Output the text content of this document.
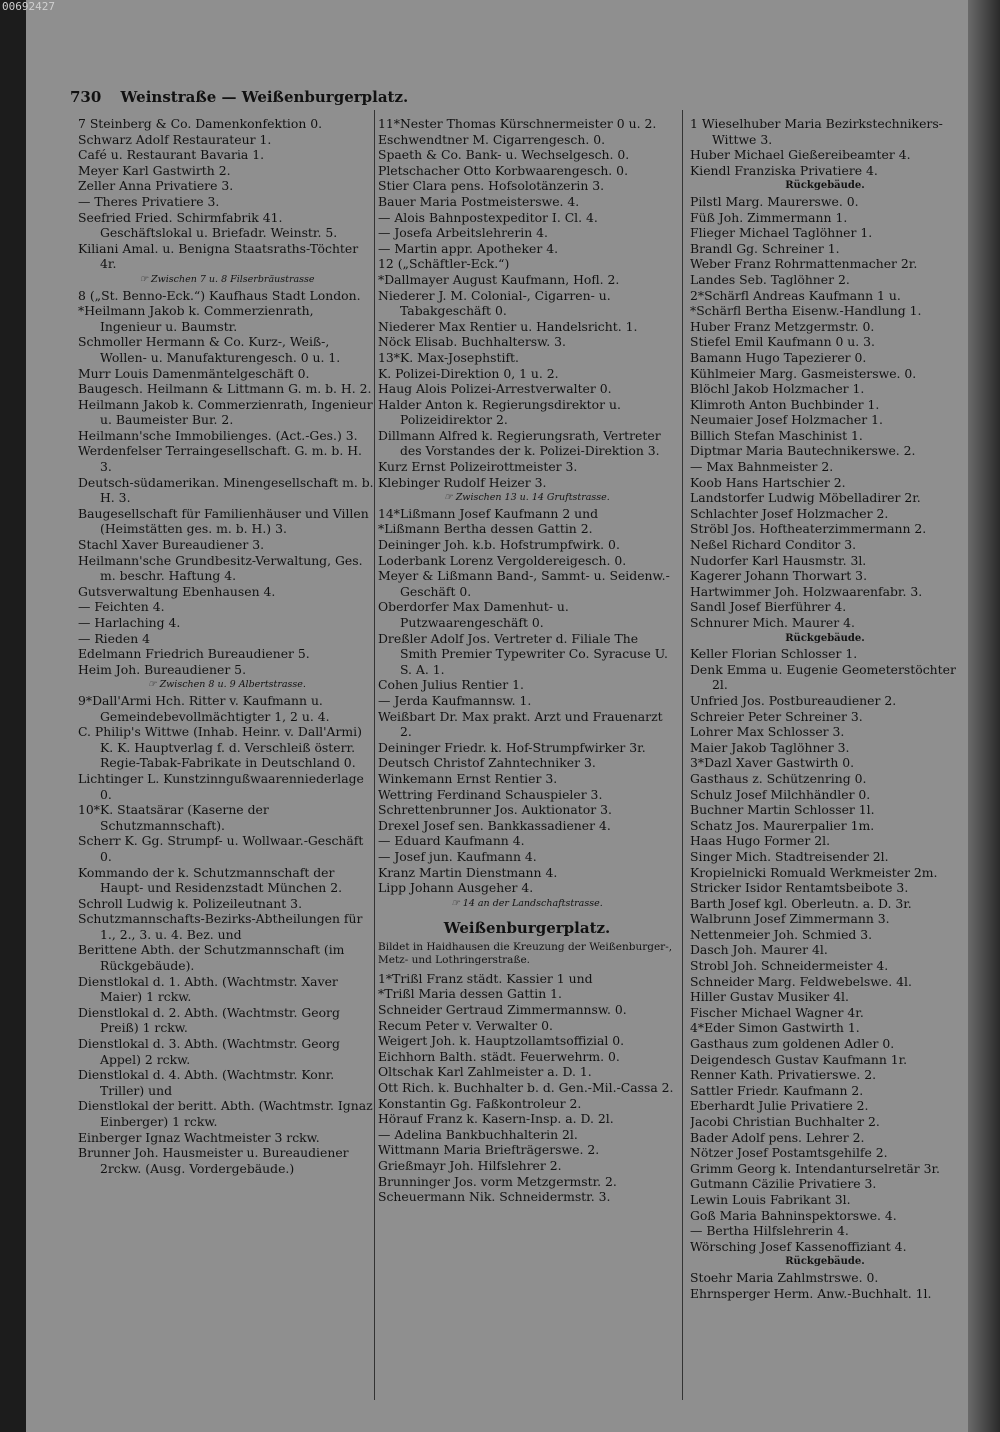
00692427
730 Weinstraße — Weißenburgerplatz.
7 Steinberg & Co. Damenkonfektion 0.
Schwarz Adolf Restaurateur 1.
Café u. Restaurant Bavaria 1.
Meyer Karl Gastwirth 2.
Zeller Anna Privatiere 3.
— Theres Privatiere 3.
Seefried Fried. Schirmfabrik 41. Geschäftslokal u. Briefadr. Weinstr. 5.
Kiliani Amal. u. Benigna Staatsraths-Töchter 4r.
☞ Zwischen 7 u. 8 Filserbräustrasse
8 („St. Benno-Eck.“) Kaufhaus Stadt London.
*Heilmann Jakob k. Commerzienrath, Ingenieur u. Baumstr.
Schmoller Hermann & Co. Kurz-, Weiß-, Wollen- u. Manufakturengesch. 0 u. 1.
Murr Louis Damenmäntelgeschäft 0.
Baugesch. Heilmann & Littmann G. m. b. H. 2.
Heilmann Jakob k. Commerzienrath, Ingenieur u. Baumeister Bur. 2.
Heilmann'sche Immobilienges. (Act.-Ges.) 3.
Werdenfelser Terraingesellschaft. G. m. b. H. 3.
Deutsch-südamerikan. Minengesellschaft m. b. H. 3.
Baugesellschaft für Familienhäuser und Villen (Heimstätten ges. m. b. H.) 3.
Stachl Xaver Bureaudiener 3.
Heilmann'sche Grundbesitz-Verwaltung, Ges. m. beschr. Haftung 4.
Gutsverwaltung Ebenhausen 4.
— Feichten 4.
— Harlaching 4.
— Rieden 4
Edelmann Friedrich Bureaudiener 5.
Heim Joh. Bureaudiener 5.
☞ Zwischen 8 u. 9 Albertstrasse.
9*Dall'Armi Hch. Ritter v. Kaufmann u. Gemeindebevollmächtigter 1, 2 u. 4.
C. Philip's Wittwe (Inhab. Heinr. v. Dall'Armi) K. K. Hauptverlag f. d. Verschleiß österr. Regie-Tabak-Fabrikate in Deutschland 0.
Lichtinger L. Kunstzinngußwaarenniederlage 0.
10*K. Staatsärar (Kaserne der Schutzmannschaft).
Scherr K. Gg. Strumpf- u. Wollwaar.-Geschäft 0.
Kommando der k. Schutzmannschaft der Haupt- und Residenzstadt München 2.
Schroll Ludwig k. Polizeileutnant 3.
Schutzmannschafts-Bezirks-Abtheilungen für 1., 2., 3. u. 4. Bez. und
Berittene Abth. der Schutzmannschaft (im Rückgebäude).
Dienstlokal d. 1. Abth. (Wachtmstr. Xaver Maier) 1 rckw.
Dienstlokal d. 2. Abth. (Wachtmstr. Georg Preiß) 1 rckw.
Dienstlokal d. 3. Abth. (Wachtmstr. Georg Appel) 2 rckw.
Dienstlokal d. 4. Abth. (Wachtmstr. Konr. Triller) und
Dienstlokal der beritt. Abth. (Wachtmstr. Ignaz Einberger) 1 rckw.
Einberger Ignaz Wachtmeister 3 rckw.
Brunner Joh. Hausmeister u. Bureaudiener 2rckw. (Ausg. Vordergebäude.)
11*Nester Thomas Kürschnermeister 0 u. 2.
Eschwendtner M. Cigarrengesch. 0.
Spaeth & Co. Bank- u. Wechselgesch. 0.
Pletschacher Otto Korbwaarengesch. 0.
Stier Clara pens. Hofsolotänzerin 3.
Bauer Maria Postmeisterswe. 4.
— Alois Bahnpostexpeditor I. Cl. 4.
— Josefa Arbeitslehrerin 4.
— Martin appr. Apotheker 4.
12 („Schäftler-Eck.“)
*Dallmayer August Kaufmann, Hofl. 2.
Niederer J. M. Colonial-, Cigarren- u. Tabakgeschäft 0.
Niederer Max Rentier u. Handelsricht. 1.
Nöck Elisab. Buchhaltersw. 3.
13*K. Max-Josephstift.
K. Polizei-Direktion 0, 1 u. 2.
Haug Alois Polizei-Arrestverwalter 0.
Halder Anton k. Regierungsdirektor u. Polizeidirektor 2.
Dillmann Alfred k. Regierungsrath, Vertreter des Vorstandes der k. Polizei-Direktion 3.
Kurz Ernst Polizeirottmeister 3.
Klebinger Rudolf Heizer 3.
☞ Zwischen 13 u. 14 Gruftstrasse.
14*Lißmann Josef Kaufmann 2 und
*Lißmann Bertha dessen Gattin 2.
Deininger Joh. k.b. Hofstrumpfwirk. 0.
Loderbank Lorenz Vergoldereigesch. 0.
Meyer & Lißmann Band-, Sammt- u. Seidenw.-Geschäft 0.
Oberdorfer Max Damenhut- u. Putzwaarengeschäft 0.
Dreßler Adolf Jos. Vertreter d. Filiale The Smith Premier Typewriter Co. Syracuse U. S. A. 1.
Cohen Julius Rentier 1.
— Jerda Kaufmannsw. 1.
Weißbart Dr. Max prakt. Arzt und Frauenarzt 2.
Deininger Friedr. k. Hof-Strumpfwirker 3r.
Deutsch Christof Zahntechniker 3.
Winkemann Ernst Rentier 3.
Wettring Ferdinand Schauspieler 3.
Schrettenbrunner Jos. Auktionator 3.
Drexel Josef sen. Bankkassadiener 4.
— Eduard Kaufmann 4.
— Josef jun. Kaufmann 4.
Kranz Martin Dienstmann 4.
Lipp Johann Ausgeher 4.
☞ 14 an der Landschaftstrasse.
Weißenburgerplatz.
Bildet in Haidhausen die Kreuzung der Weißenburger-, Metz- und Lothringerstraße.
1*Trißl Franz städt. Kassier 1 und
*Trißl Maria dessen Gattin 1.
Schneider Gertraud Zimmermannsw. 0.
Recum Peter v. Verwalter 0.
Weigert Joh. k. Hauptzollamtsoffizial 0.
Eichhorn Balth. städt. Feuerwehrm. 0.
Oltschak Karl Zahlmeister a. D. 1.
Ott Rich. k. Buchhalter b. d. Gen.-Mil.-Cassa 2.
Konstantin Gg. Faßkontroleur 2.
Hörauf Franz k. Kasern-Insp. a. D. 2l.
— Adelina Bankbuchhalterin 2l.
Wittmann Maria Briefträgerswe. 2.
Grießmayr Joh. Hilfslehrer 2.
Brunninger Jos. vorm Metzgermstr. 2.
Scheuermann Nik. Schneidermstr. 3.
1 Wieselhuber Maria Bezirkstechnikers-Wittwe 3.
Huber Michael Gießereibeamter 4.
Kiendl Franziska Privatiere 4.
Rückgebäude.
Pilstl Marg. Maurerswe. 0.
Füß Joh. Zimmermann 1.
Flieger Michael Taglöhner 1.
Brandl Gg. Schreiner 1.
Weber Franz Rohrmattenmacher 2r.
Landes Seb. Taglöhner 2.
2*Schärfl Andreas Kaufmann 1 u.
*Schärfl Bertha Eisenw.-Handlung 1.
Huber Franz Metzgermstr. 0.
Stiefel Emil Kaufmann 0 u. 3.
Bamann Hugo Tapezierer 0.
Kühlmeier Marg. Gasmeisterswe. 0.
Blöchl Jakob Holzmacher 1.
Klimroth Anton Buchbinder 1.
Neumaier Josef Holzmacher 1.
Billich Stefan Maschinist 1.
Diptmar Maria Bautechnikerswe. 2.
— Max Bahnmeister 2.
Koob Hans Hartschier 2.
Landstorfer Ludwig Möbelladirer 2r.
Schlachter Josef Holzmacher 2.
Ströbl Jos. Hoftheaterzimmermann 2.
Neßel Richard Conditor 3.
Nudorfer Karl Hausmstr. 3l.
Kagerer Johann Thorwart 3.
Hartwimmer Joh. Holzwaarenfabr. 3.
Sandl Josef Bierführer 4.
Schnurer Mich. Maurer 4.
Rückgebäude.
Keller Florian Schlosser 1.
Denk Emma u. Eugenie Geometerstöchter 2l.
Unfried Jos. Postbureaudiener 2.
Schreier Peter Schreiner 3.
Lohrer Max Schlosser 3.
Maier Jakob Taglöhner 3.
3*Dazl Xaver Gastwirth 0.
Gasthaus z. Schützenring 0.
Schulz Josef Milchhändler 0.
Buchner Martin Schlosser 1l.
Schatz Jos. Maurerpalier 1m.
Haas Hugo Former 2l.
Singer Mich. Stadtreisender 2l.
Kropielnicki Romuald Werkmeister 2m.
Stricker Isidor Rentamtsbeibote 3.
Barth Josef kgl. Oberleutn. a. D. 3r.
Walbrunn Josef Zimmermann 3.
Nettenmeier Joh. Schmied 3.
Dasch Joh. Maurer 4l.
Strobl Joh. Schneidermeister 4.
Schneider Marg. Feldwebelswe. 4l.
Hiller Gustav Musiker 4l.
Fischer Michael Wagner 4r.
4*Eder Simon Gastwirth 1.
Gasthaus zum goldenen Adler 0.
Deigendesch Gustav Kaufmann 1r.
Renner Kath. Privatierswe. 2.
Sattler Friedr. Kaufmann 2.
Eberhardt Julie Privatiere 2.
Jacobi Christian Buchhalter 2.
Bader Adolf pens. Lehrer 2.
Nötzer Josef Postamtsgehilfe 2.
Grimm Georg k. Intendanturselretär 3r.
Gutmann Cäzilie Privatiere 3.
Lewin Louis Fabrikant 3l.
Goß Maria Bahninspektorswe. 4.
— Bertha Hilfslehrerin 4.
Wörsching Josef Kassenoffiziant 4.
Rückgebäude.
Stoehr Maria Zahlmstrswe. 0.
Ehrnsperger Herm. Anw.-Buchhalt. 1l.
